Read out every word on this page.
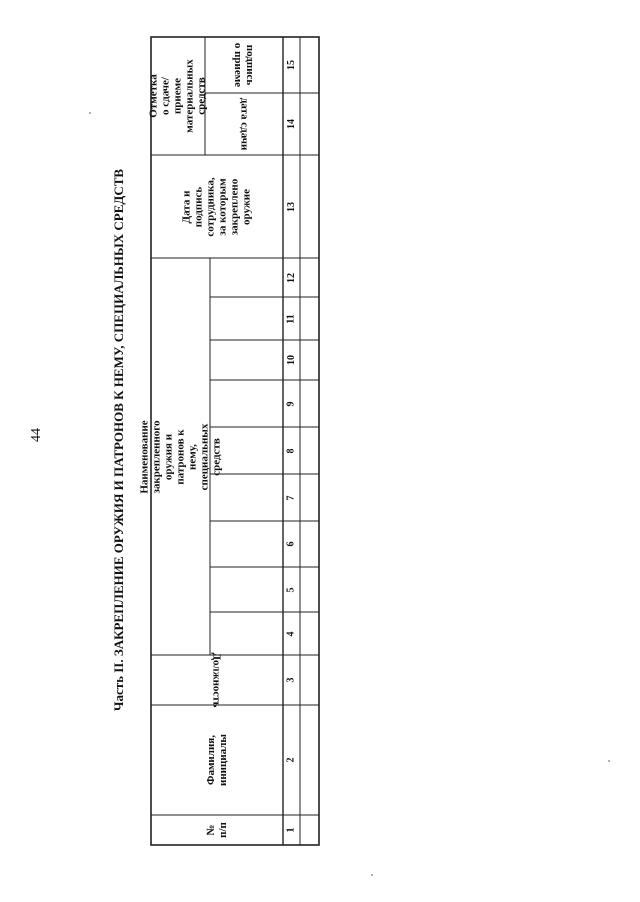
44	Часть II. ЗАКРЕПЛЕНИЕ ОРУЖИЯ И ПАТРОНОВ К НЕМУ, СПЕЦИАЛЬНЫХ СРЕДСТВ
№
п/п
Фамилия,
инициалы
Должность
Наименование закрепленного оружия и патронов к нему,
специальных средств
Дата и
подпись
сотрудника,
за которым
закреплено
оружие
Отметка
о сдаче/приеме
материальных
средств
дата сдачи
подпись
о приеме
1
2
3
4
5
6
7
8
9
10
11
12
13
14
15
